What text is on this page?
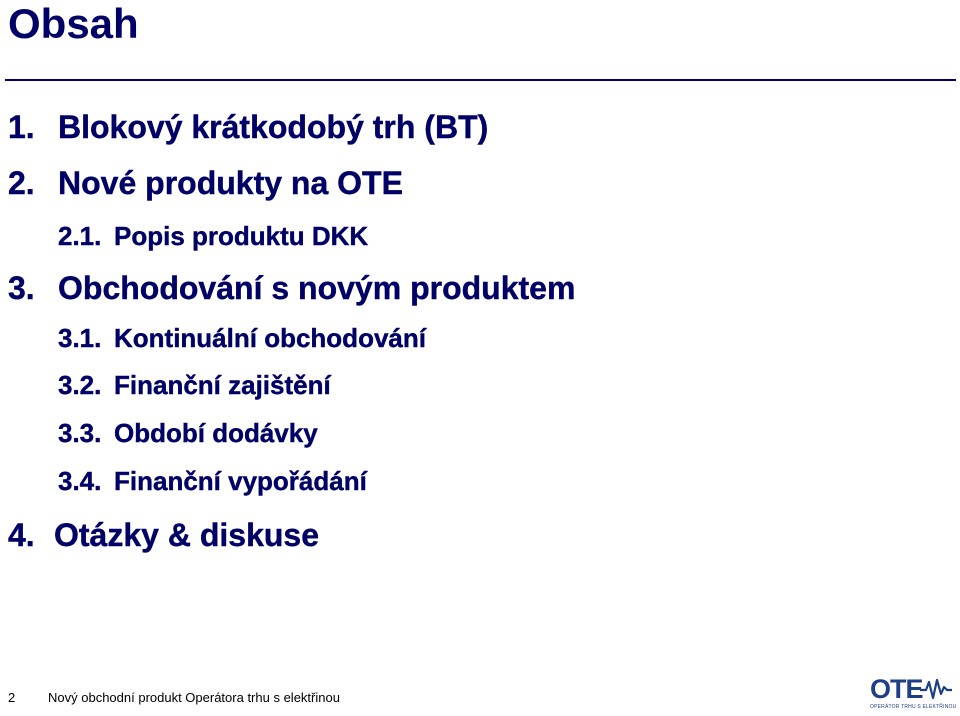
Obsah
1. Blokový krátkodobý trh (BT)
2. Nové produkty na OTE
2.1. Popis produktu DKK
3. Obchodování s novým produktem
3.1. Kontinuální obchodování
3.2. Finanční zajištění
3.3. Období dodávky
3.4. Finanční vypořádání
4. Otázky & diskuse
2	Nový obchodní produkt Operátora trhu s elektřinou	OTE
OPERÁTOR TRHU S ELEKTŘINOU
